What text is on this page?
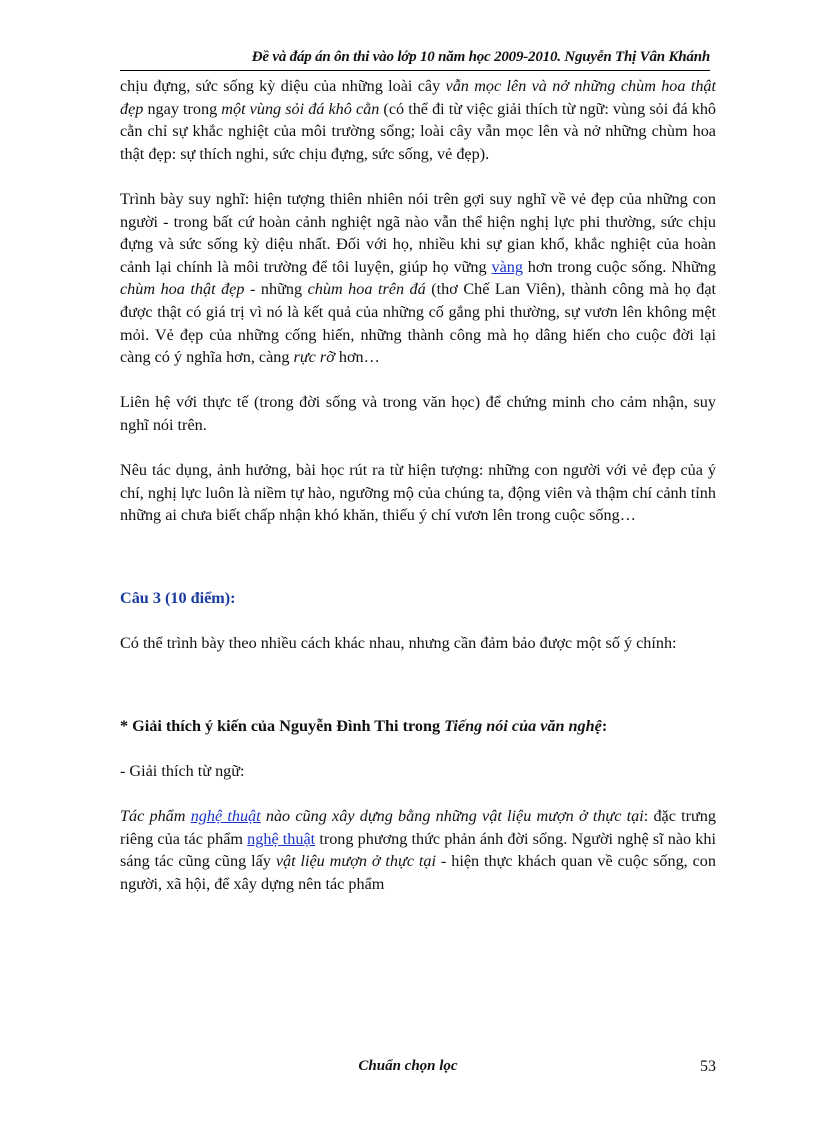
Đề và đáp án ôn thi vào lớp 10 năm học 2009-2010. Nguyễn Thị Vân Khánh

chịu đựng, sức sống kỳ diệu của những loài cây vẫn mọc lên và nở những chùm hoa thật đẹp ngay trong một vùng sỏi đá khô cằn (có thể đi từ việc giải thích từ ngữ: vùng sỏi đá khô cằn chỉ sự khắc nghiệt của môi trường sống; loài cây vẫn mọc lên và nở những chùm hoa thật đẹp: sự thích nghi, sức chịu đựng, sức sống, vẻ đẹp).

Trình bày suy nghĩ: hiện tượng thiên nhiên nói trên gợi suy nghĩ về vẻ đẹp của những con người - trong bất cứ hoàn cảnh nghiệt ngã nào vẫn thể hiện nghị lực phi thường, sức chịu đựng và sức sống kỳ diệu nhất. Đối với họ, nhiều khi sự gian khổ, khắc nghiệt của hoàn cảnh lại chính là môi trường để tôi luyện, giúp họ vững vàng hơn trong cuộc sống. Những chùm hoa thật đẹp - những chùm hoa trên đá (thơ Chế Lan Viên), thành công mà họ đạt được thật có giá trị vì nó là kết quả của những cố gắng phi thường, sự vươn lên không mệt mỏi. Vẻ đẹp của những cống hiến, những thành công mà họ dâng hiến cho cuộc đời lại càng có ý nghĩa hơn, càng rực rỡ hơn…

Liên hệ với thực tế (trong đời sống và trong văn học) để chứng minh cho cảm nhận, suy nghĩ nói trên.

Nêu tác dụng, ảnh hưởng, bài học rút ra từ hiện tượng: những con người với vẻ đẹp của ý chí, nghị lực luôn là niềm tự hào, ngưỡng mộ của chúng ta, động viên và thậm chí cảnh tỉnh những ai chưa biết chấp nhận khó khăn, thiếu ý chí vươn lên trong cuộc sống…

Câu 3 (10 điểm):

Có thể trình bày theo nhiều cách khác nhau, nhưng cần đảm bảo được một số ý chính:

* Giải thích ý kiến của Nguyễn Đình Thi trong Tiếng nói của văn nghệ:

- Giải thích từ ngữ:

Tác phẩm nghệ thuật nào cũng xây dựng bằng những vật liệu mượn ở thực tại: đặc trưng riêng của tác phẩm nghệ thuật trong phương thức phản ánh đời sống. Người nghệ sĩ nào khi sáng tác cũng cũng lấy vật liệu mượn ở thực tại - hiện thực khách quan về cuộc sống, con người, xã hội, để xây dựng nên tác phẩm

Chuẩn chọn lọc	53
